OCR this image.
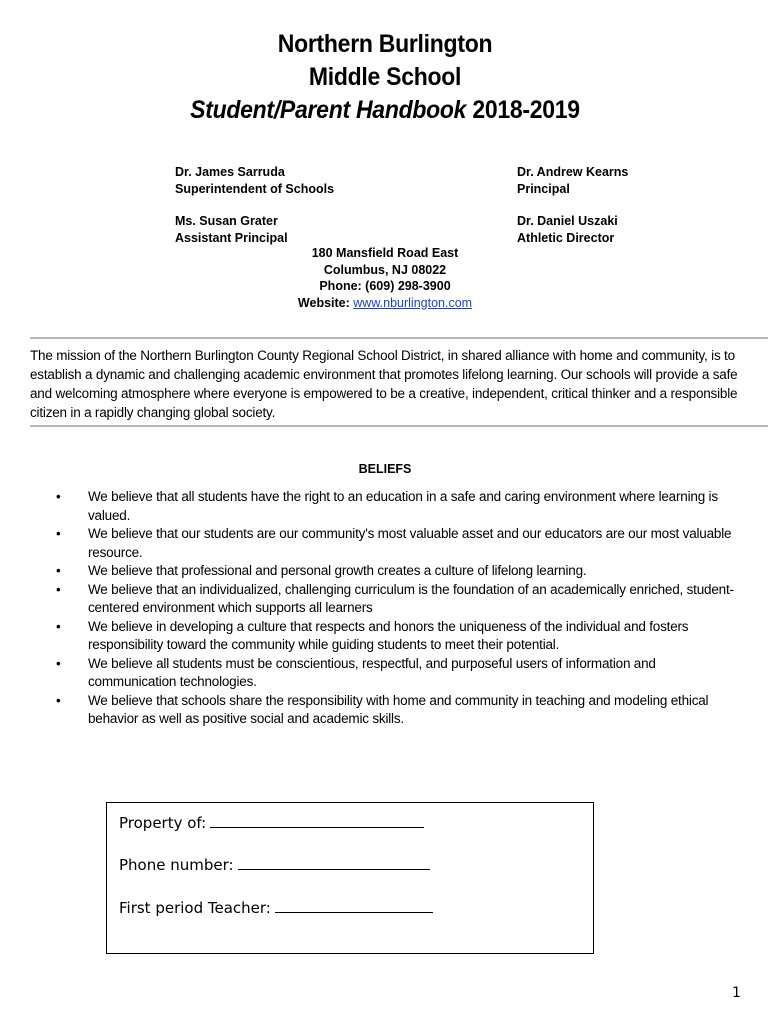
Northern Burlington
Middle School
Student/Parent Handbook 2018-2019
Dr. James Sarruda
Superintendent of Schools
Dr. Andrew Kearns
Principal
Ms. Susan Grater
Assistant Principal
Dr. Daniel Uszaki
Athletic Director
180 Mansfield Road East
Columbus, NJ 08022
Phone: (609) 298-3900
Website: www.nburlington.com
The mission of the Northern Burlington County Regional School District, in shared alliance with home and community, is to establish a dynamic and challenging academic environment that promotes lifelong learning. Our schools will provide a safe and welcoming atmosphere where everyone is empowered to be a creative, independent, critical thinker and a responsible citizen in a rapidly changing global society.
BELIEFS
• We believe that all students have the right to an education in a safe and caring environment where learning is valued.
• We believe that our students are our community's most valuable asset and our educators are our most valuable resource.
• We believe that professional and personal growth creates a culture of lifelong learning.
• We believe that an individualized, challenging curriculum is the foundation of an academically enriched, student-centered environment which supports all learners
• We believe in developing a culture that respects and honors the uniqueness of the individual and fosters responsibility toward the community while guiding students to meet their potential.
• We believe all students must be conscientious, respectful, and purposeful users of information and communication technologies.
• We believe that schools share the responsibility with home and community in teaching and modeling ethical behavior as well as positive social and academic skills.
Property of:
Phone number:
First period Teacher:
1
